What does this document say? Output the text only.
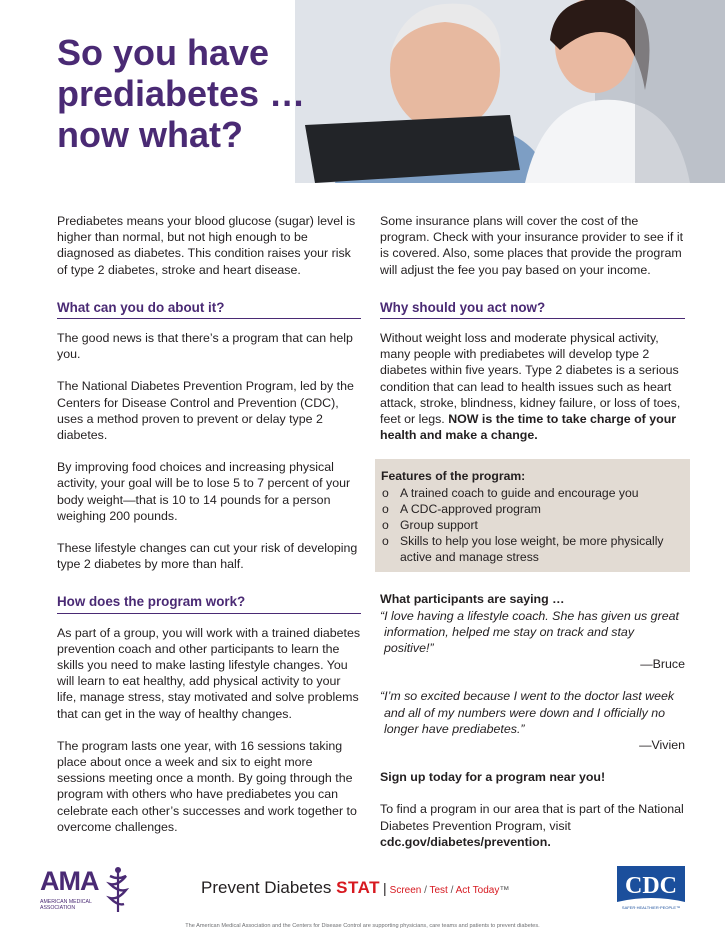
So you have
prediabetes …
now what?

Prediabetes means your blood glucose (sugar) level is higher than normal, but not high enough to be diagnosed as diabetes. This condition raises your risk of type 2 diabetes, stroke and heart disease.

What can you do about it?

The good news is that there’s a program that can help you.

The National Diabetes Prevention Program, led by the Centers for Disease Control and Prevention (CDC), uses a method proven to prevent or delay type 2 diabetes.

By improving food choices and increasing physical activity, your goal will be to lose 5 to 7 percent of your body weight—that is 10 to 14 pounds for a person weighing 200 pounds.

These lifestyle changes can cut your risk of developing type 2 diabetes by more than half.

How does the program work?

As part of a group, you will work with a trained diabetes prevention coach and other participants to learn the skills you need to make lasting lifestyle changes. You will learn to eat healthy, add physical activity to your life, manage stress, stay motivated and solve problems that can get in the way of healthy changes.

The program lasts one year, with 16 sessions taking place about once a week and six to eight more sessions meeting once a month. By going through the program with others who have prediabetes you can celebrate each other’s successes and work together to overcome challenges.

Some insurance plans will cover the cost of the program. Check with your insurance provider to see if it is covered. Also, some places that provide the program will adjust the fee you pay based on your income.

Why should you act now?

Without weight loss and moderate physical activity, many people with prediabetes will develop type 2 diabetes within five years. Type 2 diabetes is a serious condition that can lead to health issues such as heart attack, stroke, blindness, kidney failure, or loss of toes, feet or legs. NOW is the time to take charge of your health and make a change.

Features of the program:
o A trained coach to guide and encourage you
o A CDC-approved program
o Group support
o Skills to help you lose weight, be more physically active and manage stress
What participants are saying …
“I love having a lifestyle coach. She has given us great information, helped me stay on track and stay positive!”
—Bruce
“I’m so excited because I went to the doctor last week and all of my numbers were down and I officially no longer have prediabetes.”
—Vivien

Sign up today for a program near you!

To find a program in our area that is part of the National Diabetes Prevention Program, visit cdc.gov/diabetes/prevention.

AMA
AMERICAN MEDICAL ASSOCIATION
Prevent Diabetes STAT | Screen / Test / Act Today™	CDC
SAFER·HEALTHIER·PEOPLE™
The American Medical Association and the Centers for Disease Control are supporting physicians, care teams and patients to prevent diabetes.
